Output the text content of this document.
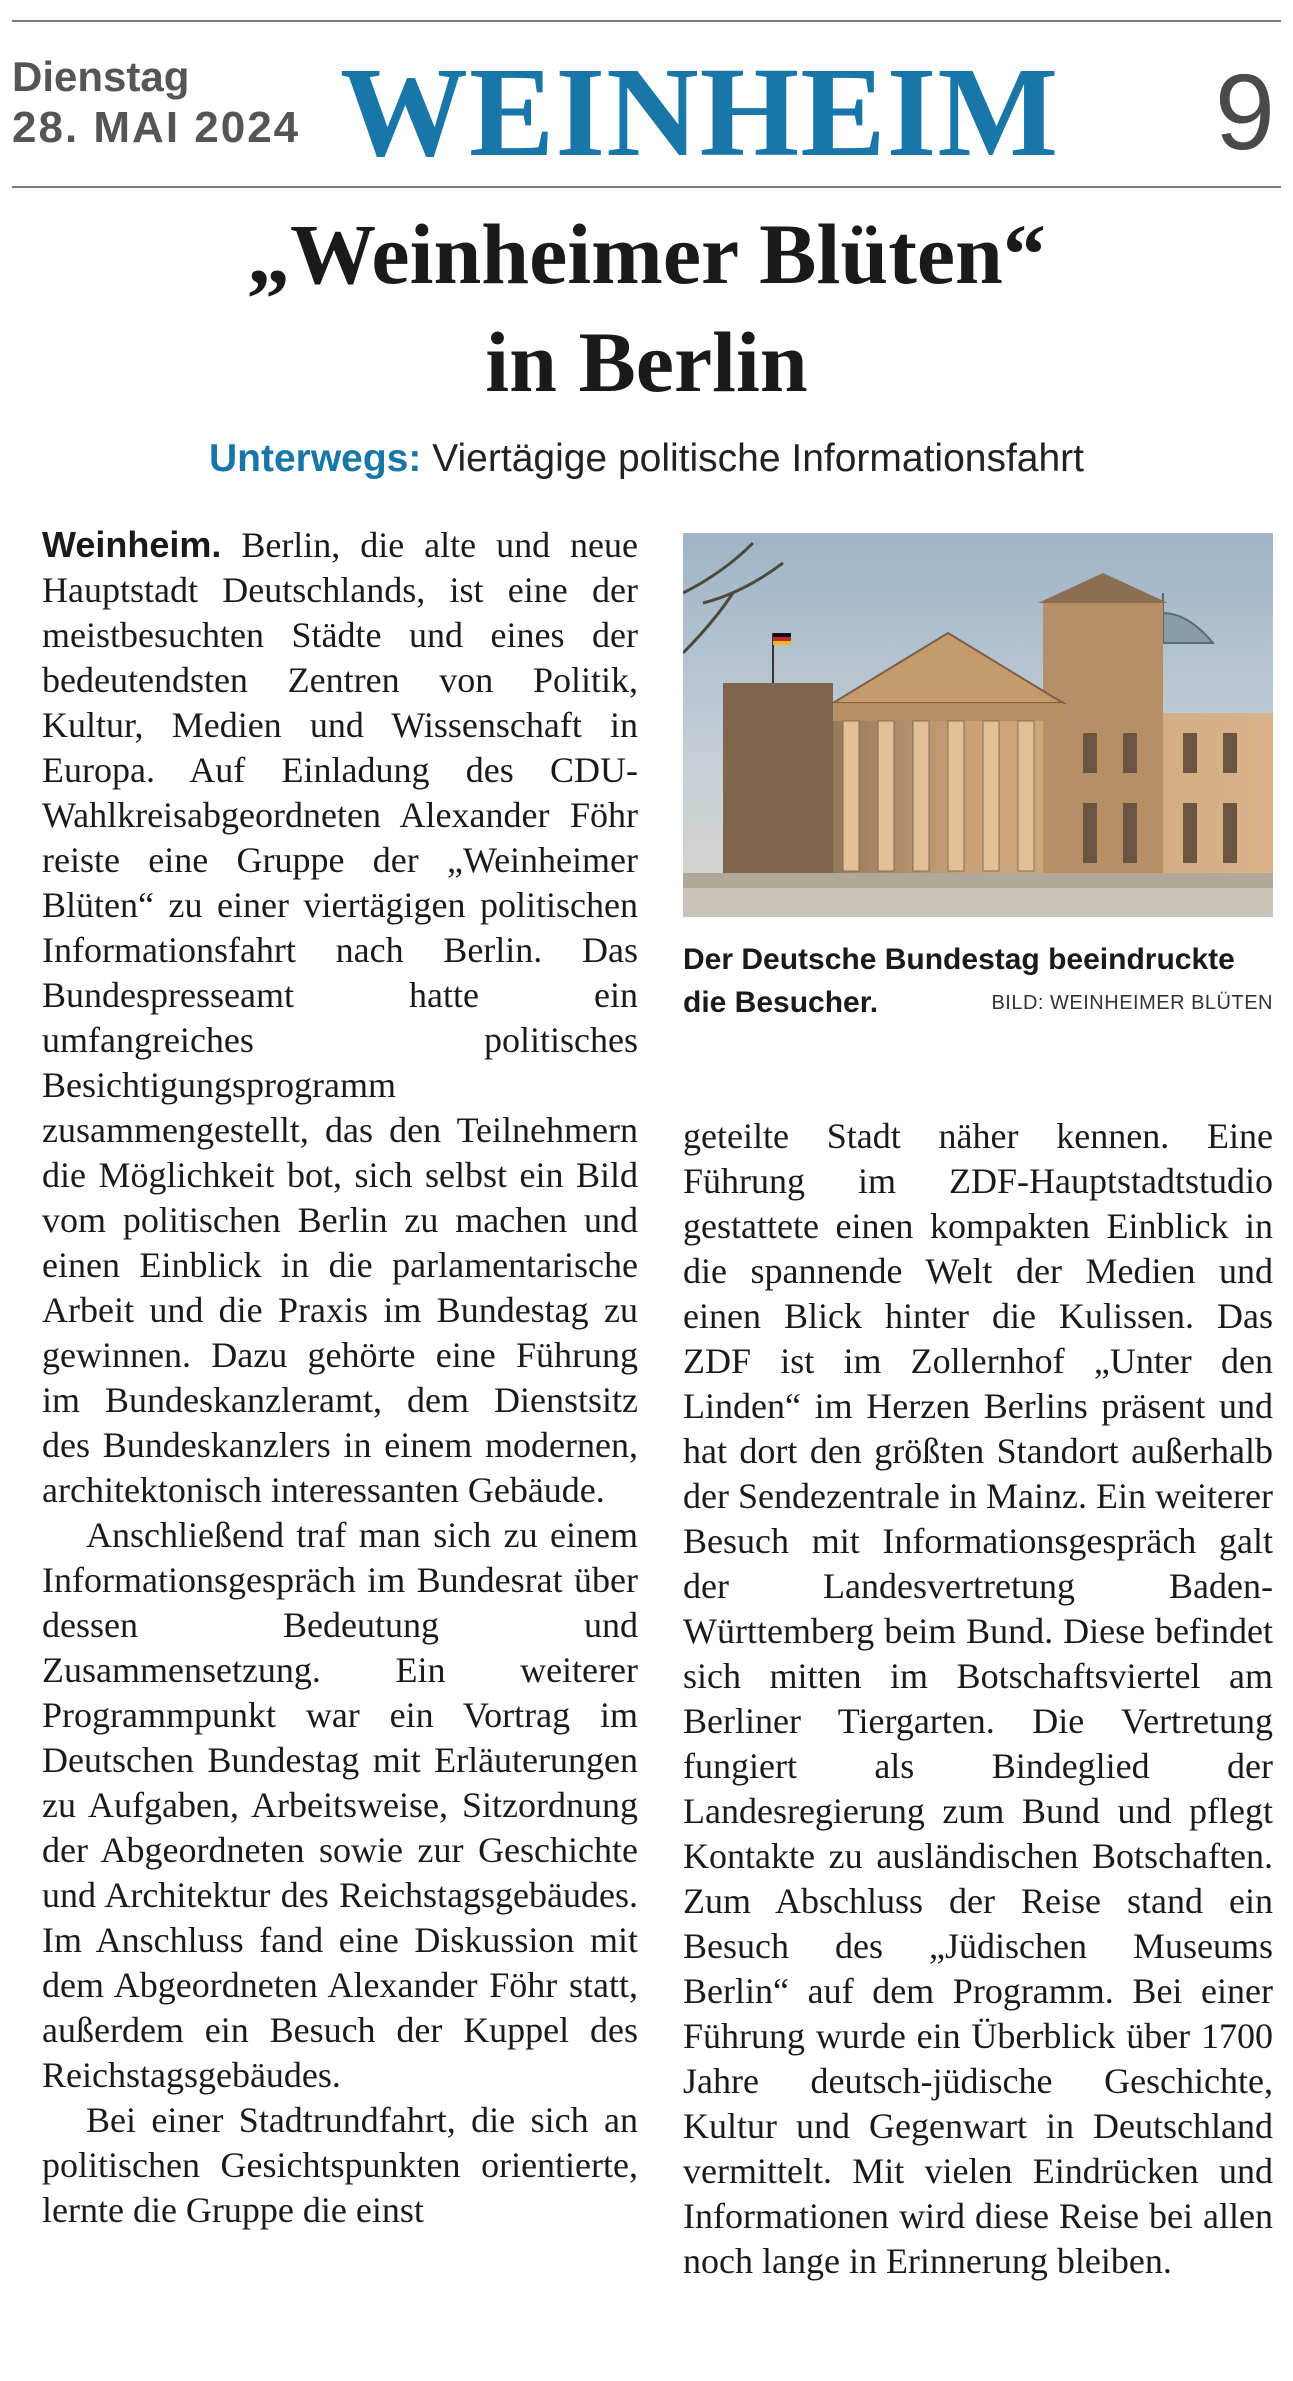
Dienstag
28. MAI 2024 WEINHEIM 9
„Weinheimer Blüten“
in Berlin
Unterwegs: Viertägige politische Informationsfahrt

Weinheim. Berlin, die alte und neue Hauptstadt Deutschlands, ist eine der meistbesuchten Städte und eines der bedeutendsten Zentren von Politik, Kultur, Medien und Wissenschaft in Europa. Auf Einladung des CDU-Wahlkreisabgeordneten Alexander Föhr reiste eine Gruppe der „Weinheimer Blüten“ zu einer viertägigen politischen Informationsfahrt nach Berlin. Das Bundespresseamt hatte ein umfangreiches politisches Besichtigungsprogramm zusammengestellt, das den Teilnehmern die Möglichkeit bot, sich selbst ein Bild vom politischen Berlin zu machen und einen Einblick in die parlamentarische Arbeit und die Praxis im Bundestag zu gewinnen. Dazu gehörte eine Führung im Bundeskanzleramt, dem Dienstsitz des Bundeskanzlers in einem modernen, architektonisch interessanten Gebäude.

Anschließend traf man sich zu einem Informationsgespräch im Bundesrat über dessen Bedeutung und Zusammensetzung. Ein weiterer Programmpunkt war ein Vortrag im Deutschen Bundestag mit Erläuterungen zu Aufgaben, Arbeitsweise, Sitzordnung der Abgeordneten sowie zur Geschichte und Architektur des Reichstagsgebäudes. Im Anschluss fand eine Diskussion mit dem Abgeordneten Alexander Föhr statt, außerdem ein Besuch der Kuppel des Reichstagsgebäudes.

Bei einer Stadtrundfahrt, die sich an politischen Gesichtspunkten orientierte, lernte die Gruppe die einst

Der Deutsche Bundestag beeindruckte
die Besucher.	BILD: WEINHEIMER BLÜTEN

geteilte Stadt näher kennen. Eine Führung im ZDF-Hauptstadtstudio gestattete einen kompakten Einblick in die spannende Welt der Medien und einen Blick hinter die Kulissen. Das ZDF ist im Zollernhof „Unter den Linden“ im Herzen Berlins präsent und hat dort den größten Standort außerhalb der Sendezentrale in Mainz. Ein weiterer Besuch mit Informationsgespräch galt der Landesvertretung Baden-Württemberg beim Bund. Diese befindet sich mitten im Botschaftsviertel am Berliner Tiergarten. Die Vertretung fungiert als Bindeglied der Landesregierung zum Bund und pflegt Kontakte zu ausländischen Botschaften. Zum Abschluss der Reise stand ein Besuch des „Jüdischen Museums Berlin“ auf dem Programm. Bei einer Führung wurde ein Überblick über 1700 Jahre deutsch-jüdische Geschichte, Kultur und Gegenwart in Deutschland vermittelt. Mit vielen Eindrücken und Informationen wird diese Reise bei allen noch lange in Erinnerung bleiben.
